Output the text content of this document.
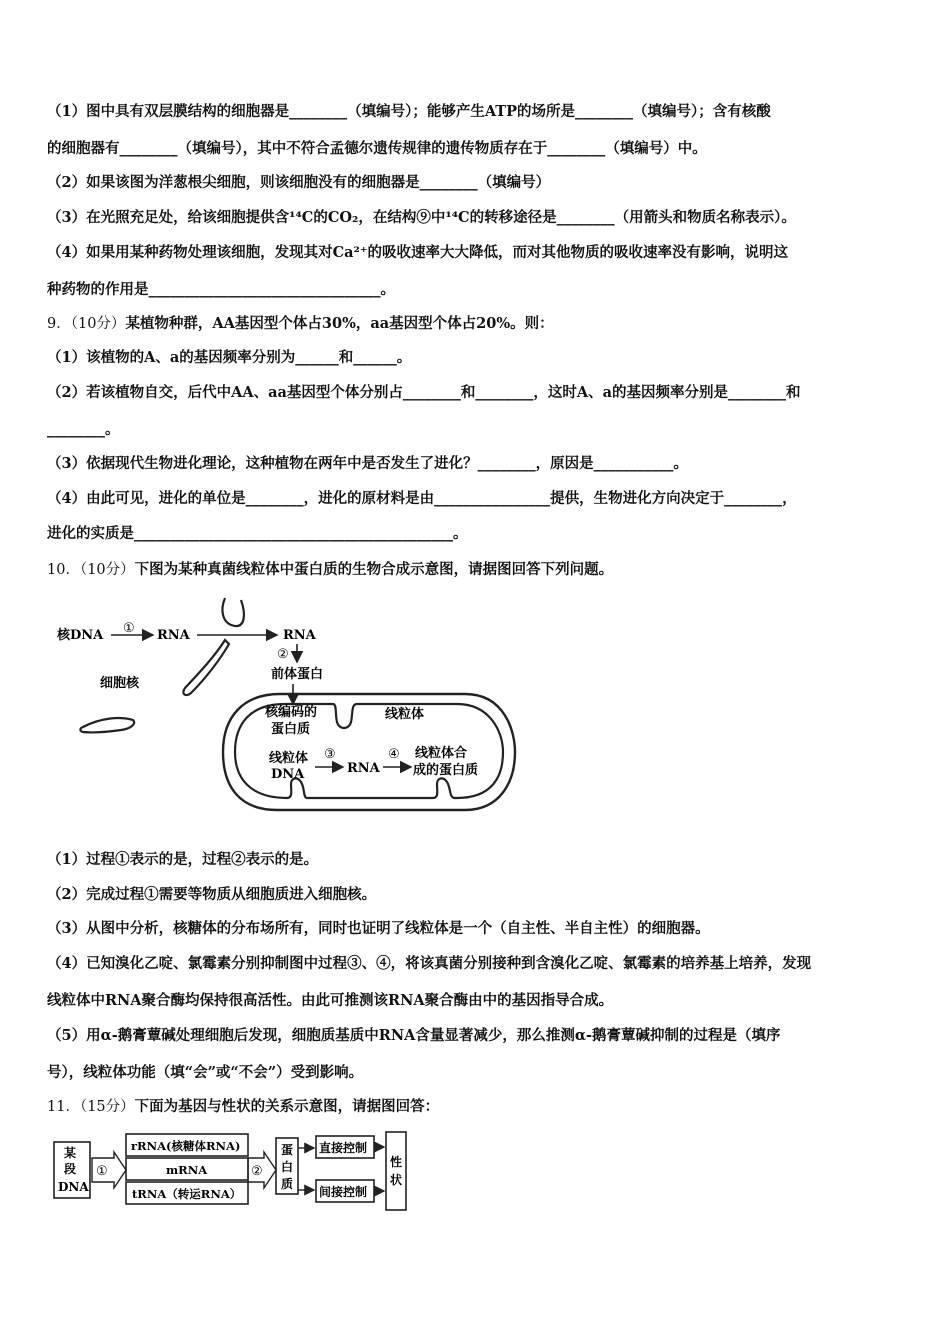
（1）图中具有双层膜结构的细胞器是________（填编号）；能够产生ATP的场所是________（填编号）；含有核酸
的细胞器有________（填编号），其中不符合孟德尔遗传规律的遗传物质存在于________（填编号）中。
（2）如果该图为洋葱根尖细胞，则该细胞没有的细胞器是________（填编号）
（3）在光照充足处，给该细胞提供含¹⁴C的CO₂，在结构⑨中¹⁴C的转移途径是________（用箭头和物质名称表示）。
（4）如果用某种药物处理该细胞，发现其对Ca²⁺的吸收速率大大降低，而对其他物质的吸收速率没有影响，说明这
种药物的作用是________________________________。
9．（10分）某植物种群，AA基因型个体占30%，aa基因型个体占20%。则：
（1）该植物的A、a的基因频率分别为______和______。
（2）若该植物自交，后代中AA、aa基因型个体分别占________和________，这时A、a的基因频率分别是________和
________。
（3）依据现代生物进化理论，这种植物在两年中是否发生了进化？________，原因是___________。
（4）由此可见，进化的单位是________，进化的原材料是由________________提供，生物进化方向决定于________，
进化的实质是____________________________________________。
10．（10分）下图为某种真菌线粒体中蛋白质的生物合成示意图，请据图回答下列问题。
核DNA ① RNA	RNA
②
前体蛋白
细胞核
核编码的
蛋白质
线粒体
线粒体
DNA
③
RNA
④ 线粒体合
成的蛋白质
（1）过程①表示的是，过程②表示的是。
（2）完成过程①需要等物质从细胞质进入细胞核。
（3）从图中分析，核糖体的分布场所有，同时也证明了线粒体是一个（自主性、半自主性）的细胞器。
（4）已知溴化乙啶、氯霉素分别抑制图中过程③、④，将该真菌分别接种到含溴化乙啶、氯霉素的培养基上培养，发现
线粒体中RNA聚合酶均保持很高活性。由此可推测该RNA聚合酶由中的基因指导合成。
（5）用α-鹅膏蕈碱处理细胞后发现，细胞质基质中RNA含量显著减少，那么推测α-鹅膏蕈碱抑制的过程是（填序
号），线粒体功能（填“会”或“不会”）受到影响。
11．（15分）下面为基因与性状的关系示意图，请据图回答：
某
段
DNA
①
rRNA(核糖体RNA)
mRNA
tRNA（转运RNA）
②
蛋
白
质
直接控制
间接控制
性
状
